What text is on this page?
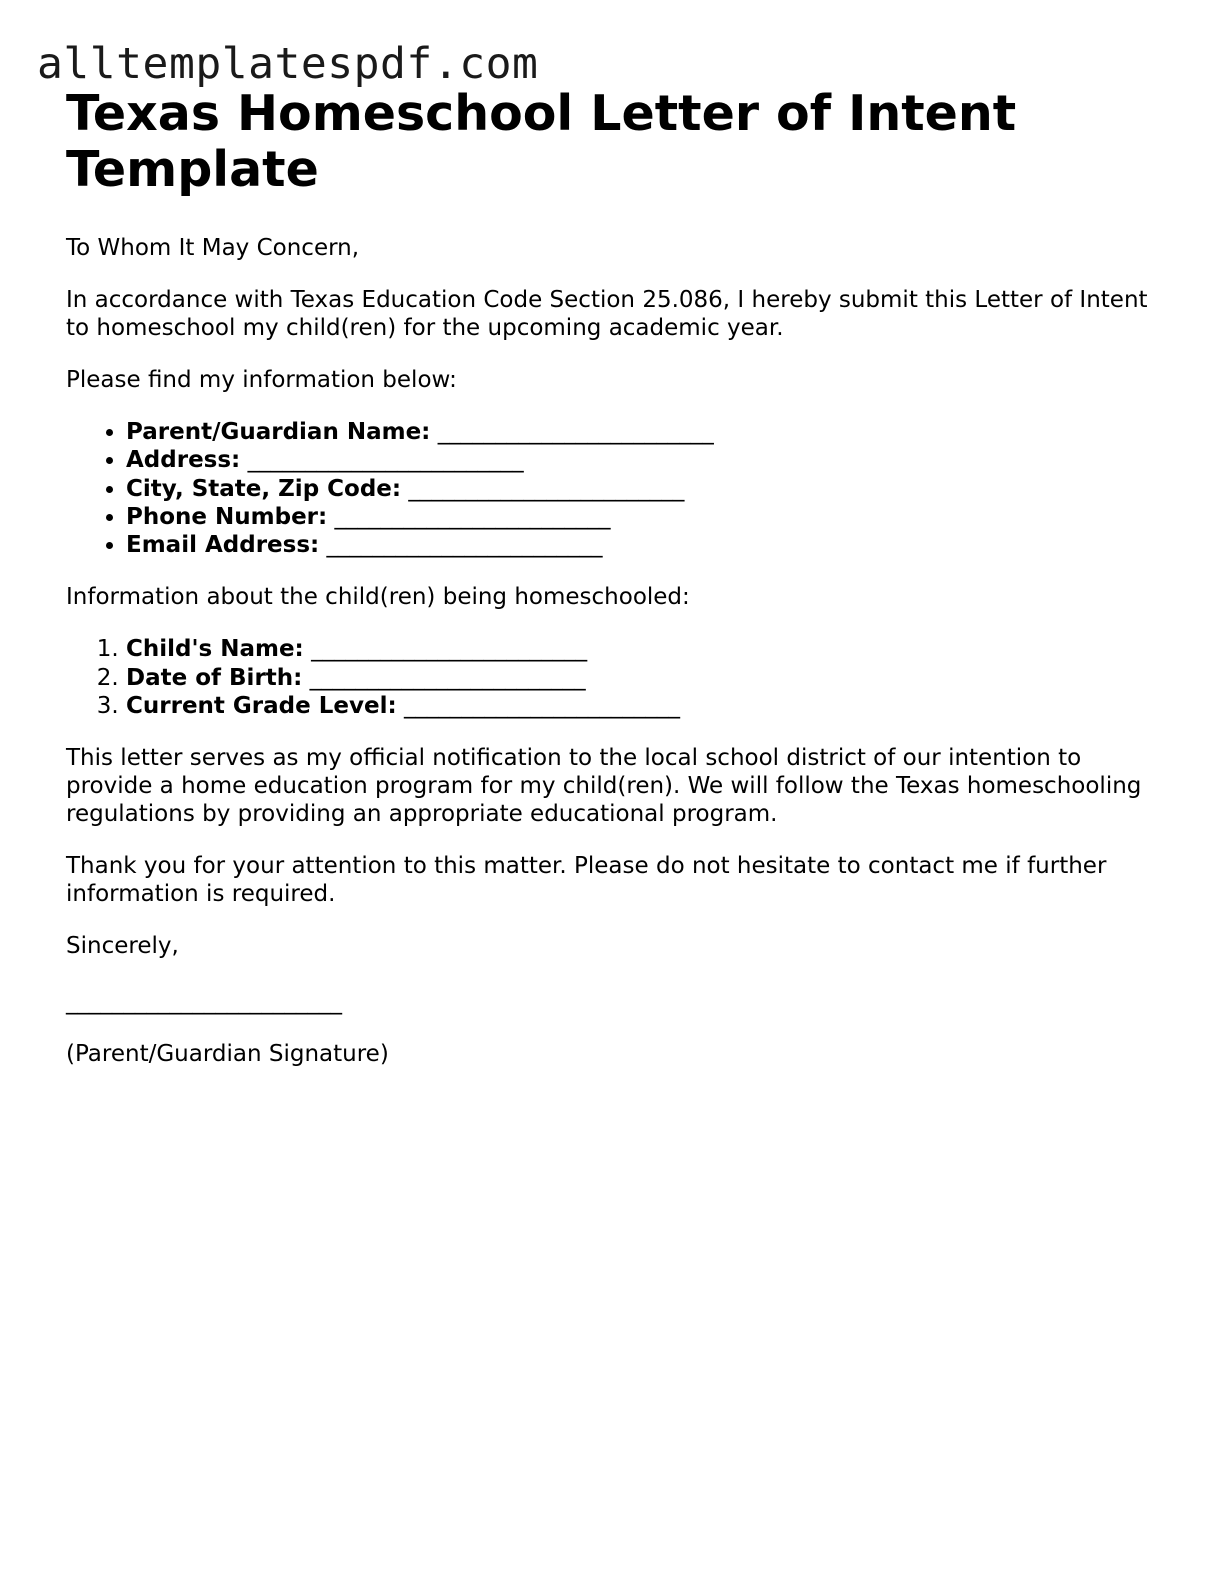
alltemplatespdf.com
Texas Homeschool Letter of Intent Template

To Whom It May Concern,

In accordance with Texas Education Code Section 25.086, I hereby submit this Letter of Intent to homeschool my child(ren) for the upcoming academic year.

Please find my information below:

• Parent/Guardian Name: ________________________
• Address: ________________________
• City, State, Zip Code: ________________________
• Phone Number: ________________________
• Email Address: ________________________

Information about the child(ren) being homeschooled:

1. Child's Name: ________________________
2. Date of Birth: ________________________
3. Current Grade Level: ________________________

This letter serves as my official notification to the local school district of our intention to provide a home education program for my child(ren). We will follow the Texas homeschooling regulations by providing an appropriate educational program.

Thank you for your attention to this matter. Please do not hesitate to contact me if further information is required.

Sincerely,

________________________

(Parent/Guardian Signature)
